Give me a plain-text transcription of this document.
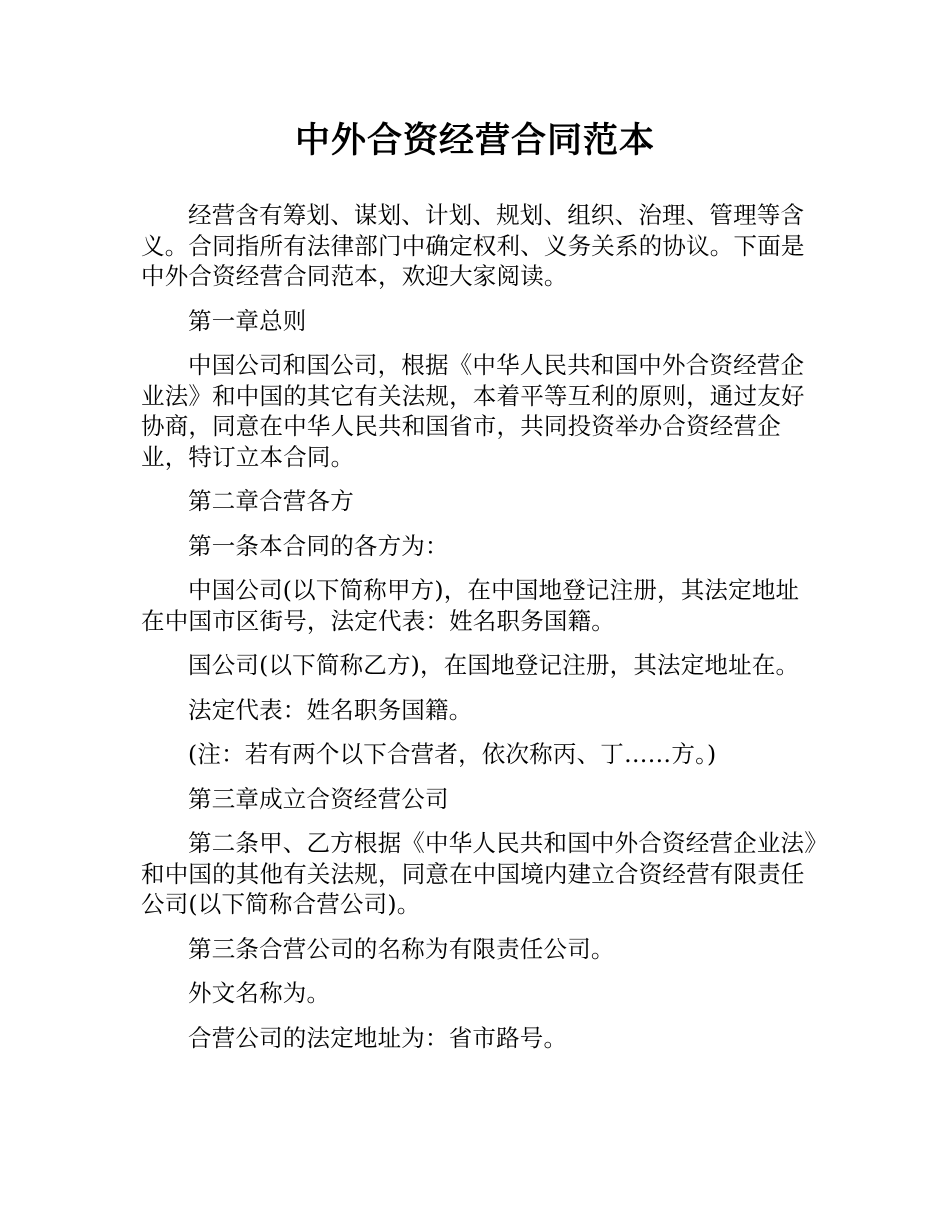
中外合资经营合同范本

经营含有筹划、谋划、计划、规划、组织、治理、管理等含义。合同指所有法律部门中确定权利、义务关系的协议。下面是中外合资经营合同范本，欢迎大家阅读。

第一章总则

中国公司和国公司，根据《中华人民共和国中外合资经营企业法》和中国的其它有关法规，本着平等互利的原则，通过友好协商，同意在中华人民共和国省市，共同投资举办合资经营企业，特订立本合同。

第二章合营各方

第一条本合同的各方为：

中国公司(以下简称甲方)，在中国地登记注册，其法定地址在中国市区街号，法定代表：姓名职务国籍。

国公司(以下简称乙方)，在国地登记注册，其法定地址在。

法定代表：姓名职务国籍。

(注：若有两个以下合营者，依次称丙、丁……方。)

第三章成立合资经营公司

第二条甲、乙方根据《中华人民共和国中外合资经营企业法》和中国的其他有关法规，同意在中国境内建立合资经营有限责任公司(以下简称合营公司)。

第三条合营公司的名称为有限责任公司。

外文名称为。

合营公司的法定地址为：省市路号。
